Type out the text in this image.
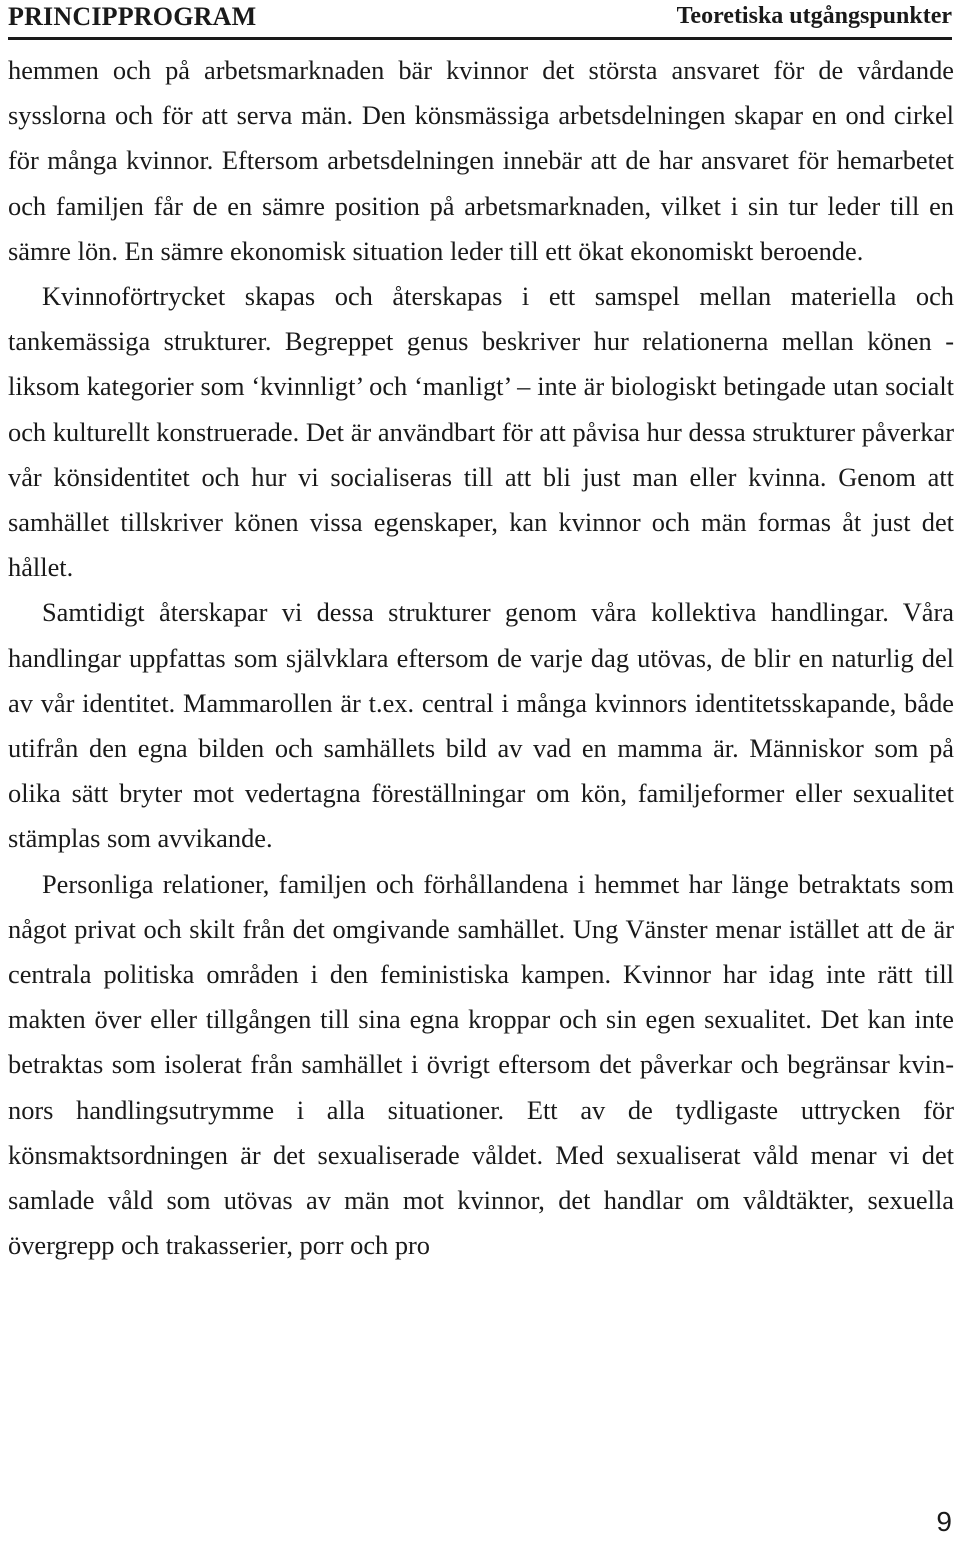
PRINCIPPROGRAM	Teoretiska utgångspunkter

hemmen och på arbetsmarknaden bär kvinnor det största ansvaret för de vårdande sysslorna och för att serva män. Den könsmässiga arbetsdelningen skapar en ond cirkel för många kvinnor. Eftersom arbetsdelningen innebär att de har ansvaret för hemarbetet och familjen får de en sämre position på arbetsmarknaden, vilket i sin tur leder till en sämre lön. En sämre ekonomisk situation leder till ett ökat ekonomiskt beroende.

Kvinnoförtrycket skapas och återskapas i ett samspel mellan materiella och tankemässiga strukturer. Begreppet genus beskriver hur relationerna mellan könen - liksom kategorier som ‘kvinnligt’ och ‘manligt’ – inte är biologiskt betingade utan socialt och kulturellt konstruerade. Det är användbart för att påvisa hur dessa strukturer påverkar vår könsidentitet och hur vi socialiseras till att bli just man eller kvinna. Genom att samhället tillskriver könen vissa egenskaper, kan kvinnor och män formas åt just det hållet.

Samtidigt återskapar vi dessa strukturer genom våra kollektiva handlingar. Våra handlingar uppfattas som självklara eftersom de varje dag utövas, de blir en naturlig del av vår identitet. Mammarollen är t.ex. central i många kvinnors identitetsskapande, både utifrån den egna bilden och samhällets bild av vad en mamma är. Människor som på olika sätt bryter mot vedertagna föreställningar om kön, familjeformer eller sexualitet stämplas som avvikande.

Personliga relationer, familjen och förhållandena i hemmet har länge betraktats som något privat och skilt från det omgivande samhället. Ung Vänster menar istället att de är centrala politiska områden i den feministiska kampen. Kvinnor har idag inte rätt till makten över eller tillgången till sina egna kroppar och sin egen sexualitet. Det kan inte betraktas som isolerat från samhället i övrigt eftersom det påverkar och begränsar kvinnors handlingsutrymme i alla situationer. Ett av de tydligaste uttrycken för könsmaktsordningen är det sexualiserade våldet. Med sexualiserat våld menar vi det samlade våld som utövas av män mot kvinnor, det handlar om våldtäkter, sexuella övergrepp och trakasserier, porr och pro

9
